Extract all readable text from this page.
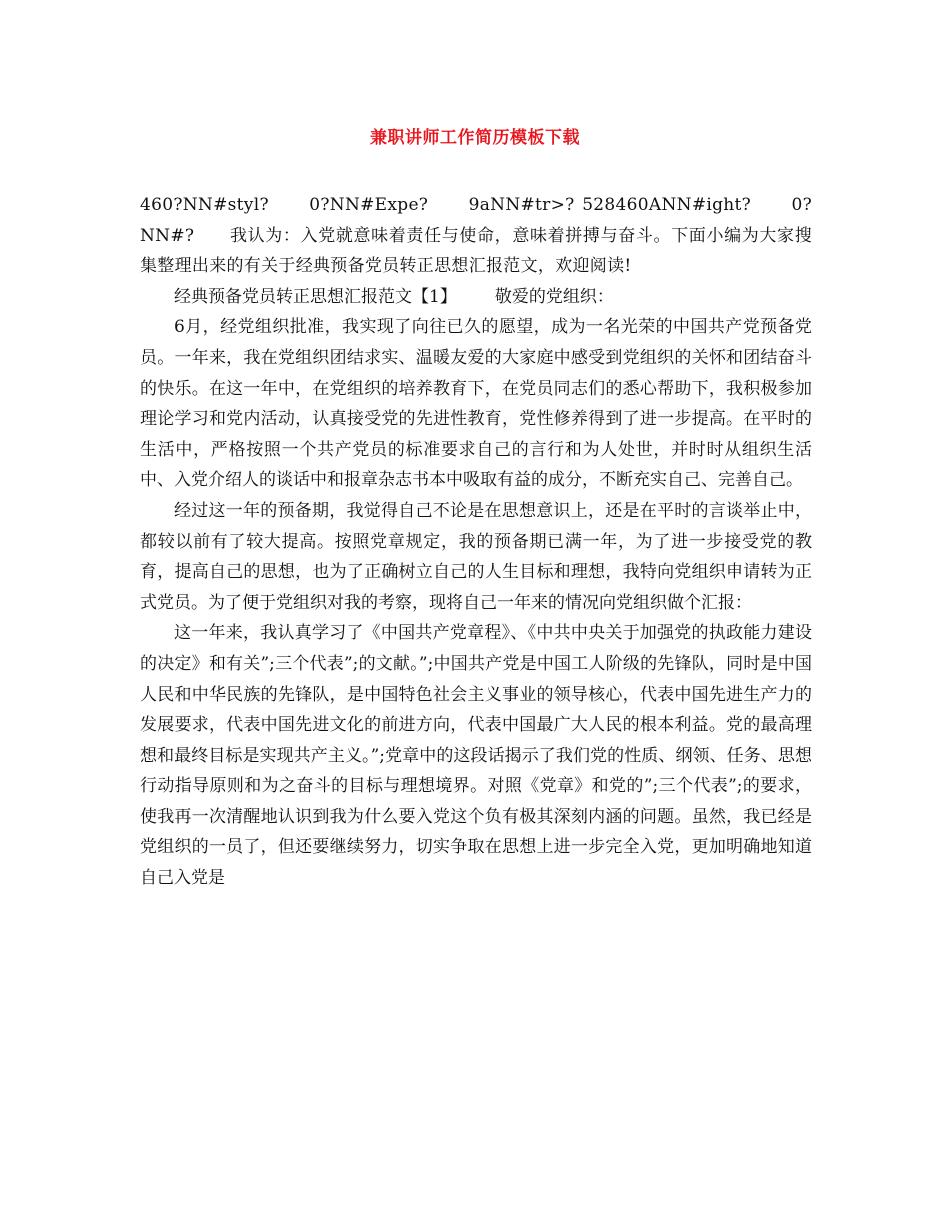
兼职讲师工作简历模板下载

460?NN#styl?　　0?NN#Expe?　　9aNN#tr>? 528460ANN#ight?　　0?NN#?　　我认为：入党就意味着责任与使命，意味着拼搏与奋斗。下面小编为大家搜集整理出来的有关于经典预备党员转正思想汇报范文，欢迎阅读!

经典预备党员转正思想汇报范文【1】 敬爱的党组织：

6月，经党组织批准，我实现了向往已久的愿望，成为一名光荣的中国共产党预备党员。一年来，我在党组织团结求实、温暖友爱的大家庭中感受到党组织的关怀和团结奋斗的快乐。在这一年中，在党组织的培养教育下，在党员同志们的悉心帮助下，我积极参加理论学习和党内活动，认真接受党的先进性教育，党性修养得到了进一步提高。在平时的生活中，严格按照一个共产党员的标准要求自己的言行和为人处世，并时时从组织生活中、入党介绍人的谈话中和报章杂志书本中吸取有益的成分，不断充实自己、完善自己。

经过这一年的预备期，我觉得自己不论是在思想意识上，还是在平时的言谈举止中，都较以前有了较大提高。按照党章规定，我的预备期已满一年，为了进一步接受党的教育，提高自己的思想，也为了正确树立自己的人生目标和理想，我特向党组织申请转为正式党员。为了便于党组织对我的考察，现将自己一年来的情况向党组织做个汇报：

这一年来，我认真学习了《中国共产党章程》、《中共中央关于加强党的执政能力建设的决定》和有关”;三个代表”;的文献。”;中国共产党是中国工人阶级的先锋队，同时是中国人民和中华民族的先锋队，是中国特色社会主义事业的领导核心，代表中国先进生产力的发展要求，代表中国先进文化的前进方向，代表中国最广大人民的根本利益。党的最高理想和最终目标是实现共产主义。”;党章中的这段话揭示了我们党的性质、纲领、任务、思想行动指导原则和为之奋斗的目标与理想境界。对照《党章》和党的”;三个代表”;的要求，使我再一次清醒地认识到我为什么要入党这个负有极其深刻内涵的问题。虽然，我已经是党组织的一员了，但还要继续努力，切实争取在思想上进一步完全入党，更加明确地知道自己入党是
